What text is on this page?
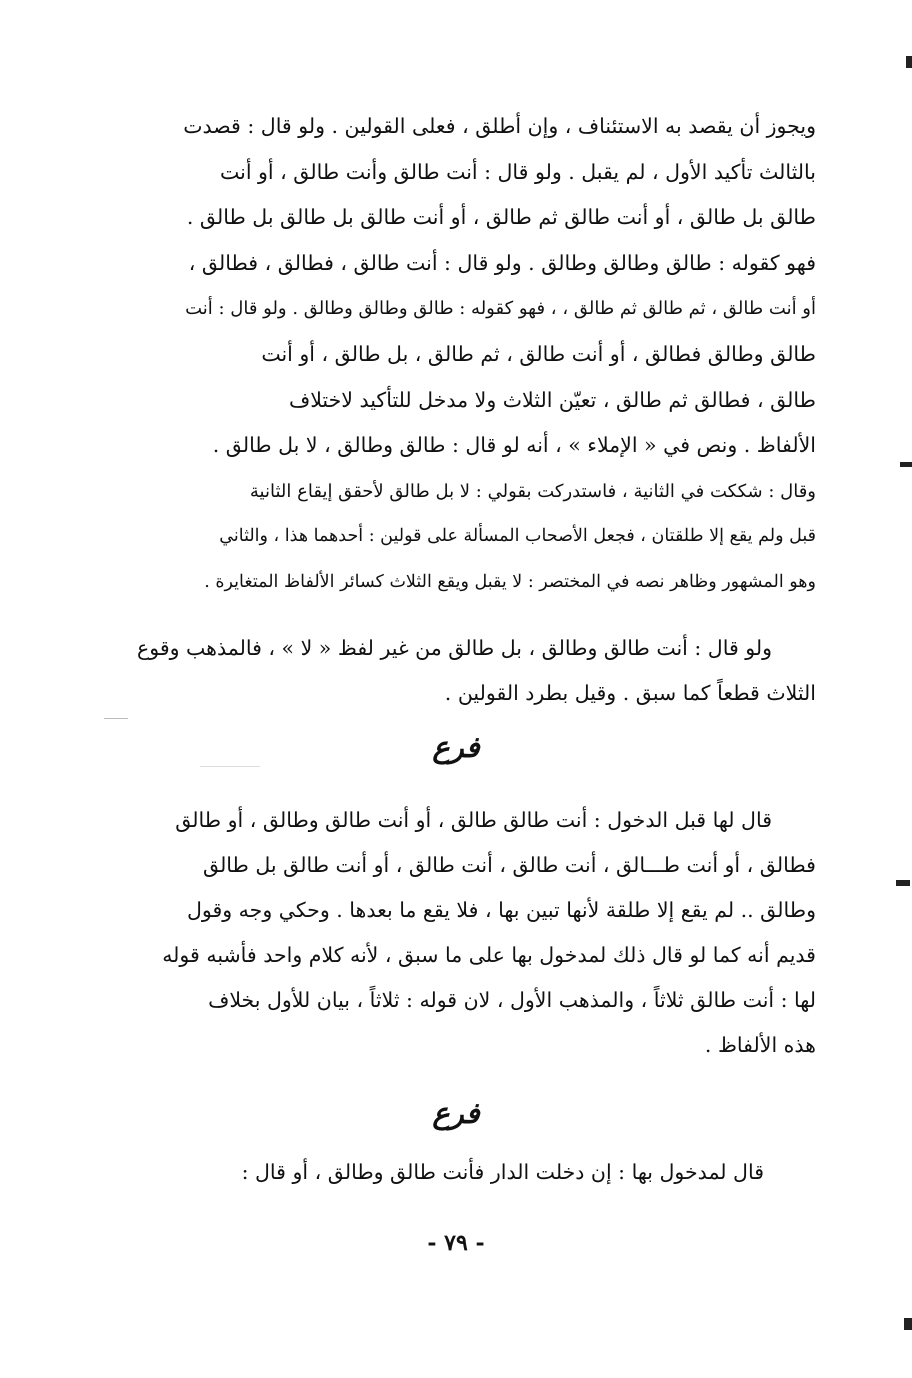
ويجوز أن يقصد به الاستئناف ، وإن أطلق ، فعلى القولين . ولو قال : قصدت
بالثالث تأكيد الأول ، لم يقبل . ولو قال : أنت طالق وأنت طالق ، أو أنت
طالق بل طالق ، أو أنت طالق ثم طالق ، أو أنت طالق بل طالق بل طالق .
فهو كقوله : طالق وطالق وطالق . ولو قال : أنت طالق ، فطالق ، فطالق ،
أو أنت طالق ، ثم طالق ثم طالق ، ، فهو كقوله : طالق وطالق وطالق . ولو قال : أنت
طالق وطالق فطالق ، أو أنت طالق ، ثم طالق ، بل طالق ، أو أنت
طالق ، فطالق ثم طالق ، تعيّن الثلاث ولا مدخل للتأكيد لاختلاف
الألفاظ . ونص في « الإملاء » ، أنه لو قال : طالق وطالق ، لا بل طالق .
وقال : شككت في الثانية ، فاستدركت بقولي : لا بل طالق لأحقق إيقاع الثانية
قبل ولم يقع إلا طلقتان ، فجعل الأصحاب المسألة على قولين : أحدهما هذا ، والثاني
وهو المشهور وظاهر نصه في المختصر : لا يقبل ويقع الثلاث كسائر الألفاظ المتغايرة .
ولو قال : أنت طالق وطالق ، بل طالق من غير لفظ « لا » ، فالمذهب وقوع
الثلاث قطعاً كما سبق . وقيل بطرد القولين .
فرع
قال لها قبل الدخول : أنت طالق طالق ، أو أنت طالق وطالق ، أو طالق
فطالق ، أو أنت طـــالق ، أنت طالق ، أنت طالق ، أو أنت طالق بل طالق
وطالق .. لم يقع إلا طلقة لأنها تبين بها ، فلا يقع ما بعدها . وحكي وجه وقول
قديم أنه كما لو قال ذلك لمدخول بها على ما سبق ، لأنه كلام واحد فأشبه قوله
لها : أنت طالق ثلاثاً ، والمذهب الأول ، لان قوله : ثلاثاً ، بيان للأول بخلاف
هذه الألفاظ .
فرع
قال لمدخول بها : إن دخلت الدار فأنت طالق وطالق ، أو قال :
- ٧٩ -
